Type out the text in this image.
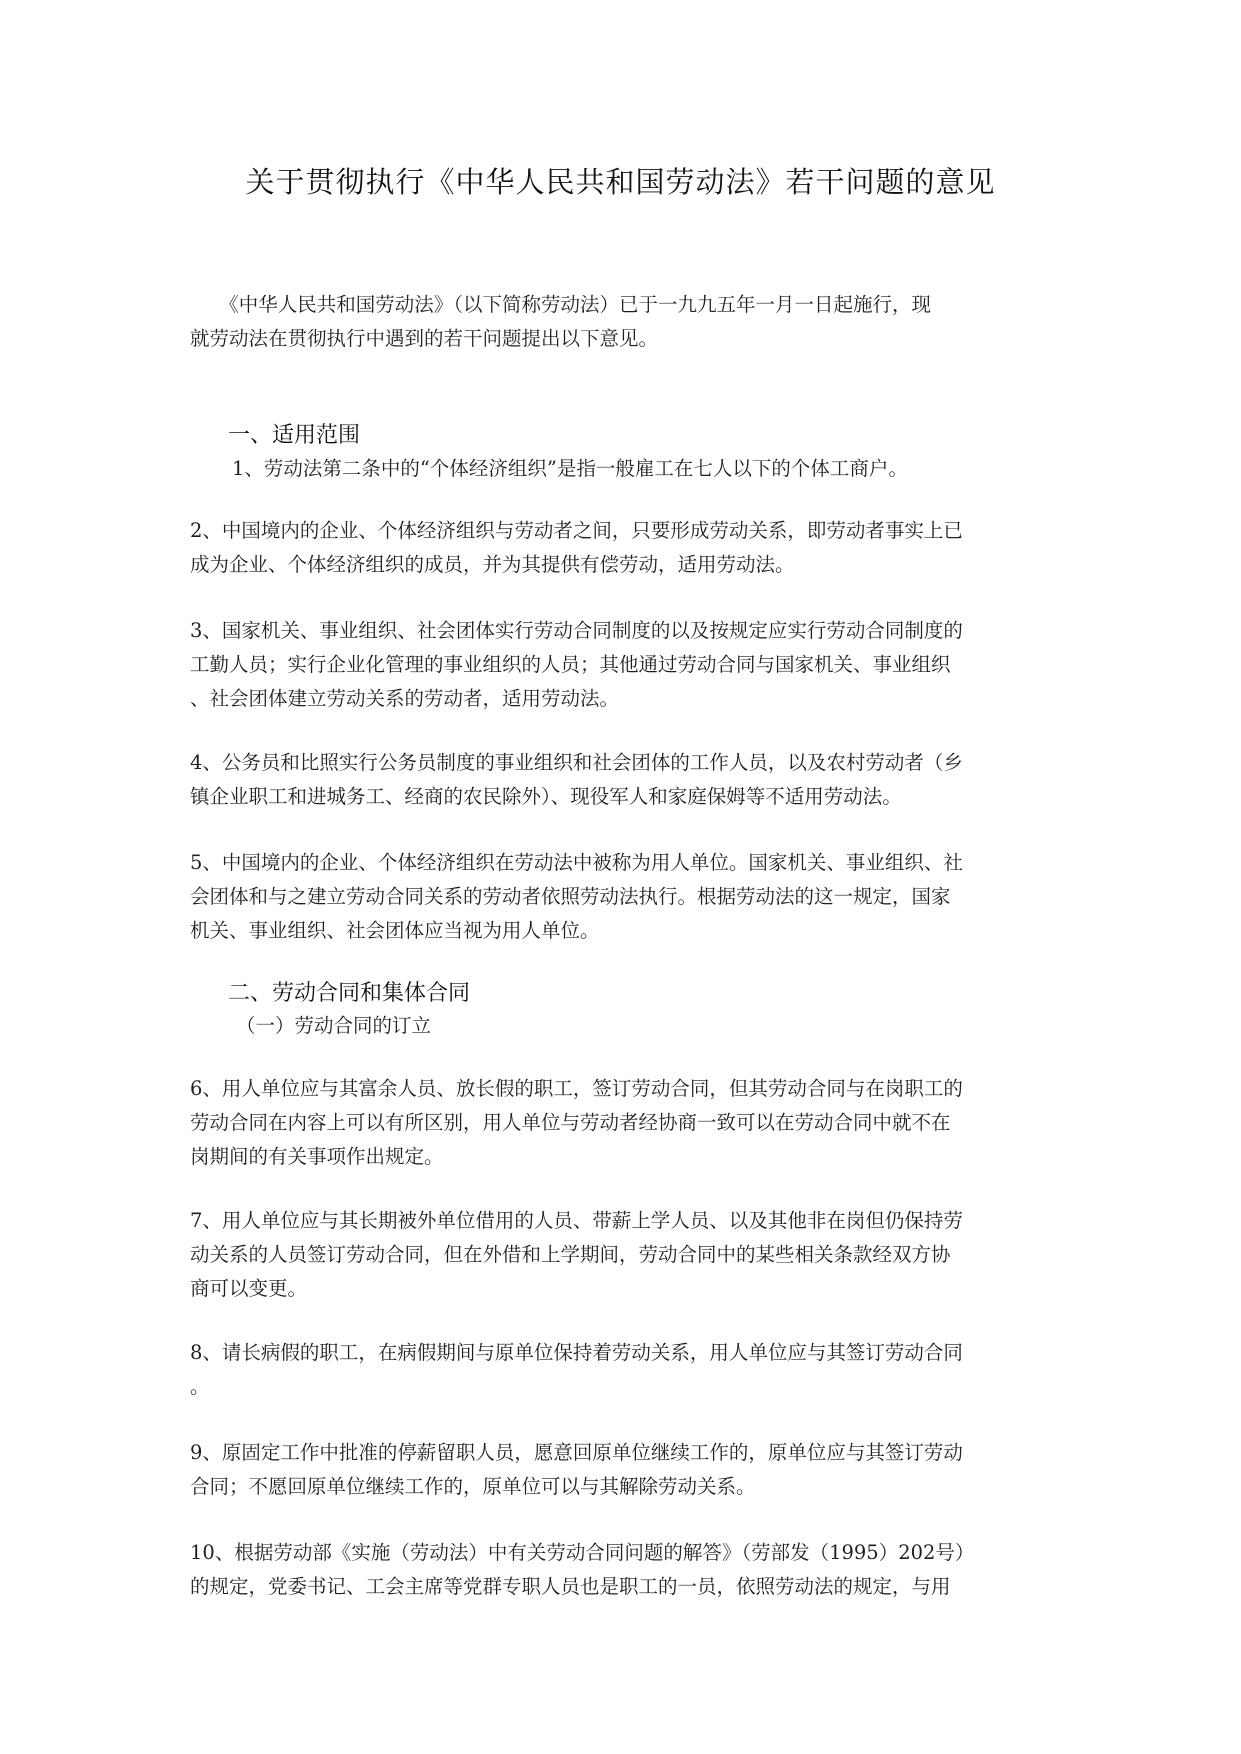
关于贯彻执行《中华人民共和国劳动法》若干问题的意见

　　《中华人民共和国劳动法》（以下简称劳动法）已于一九九五年一月一日起施行，现
就劳动法在贯彻执行中遇到的若干问题提出以下意见。

一、适用范围

1、劳动法第二条中的“个体经济组织”是指一般雇工在七人以下的个体工商户。

2、中国境内的企业、个体经济组织与劳动者之间，只要形成劳动关系，即劳动者事实上已
成为企业、个体经济组织的成员，并为其提供有偿劳动，适用劳动法。

3、国家机关、事业组织、社会团体实行劳动合同制度的以及按规定应实行劳动合同制度的
工勤人员；实行企业化管理的事业组织的人员；其他通过劳动合同与国家机关、事业组织
、社会团体建立劳动关系的劳动者，适用劳动法。

4、公务员和比照实行公务员制度的事业组织和社会团体的工作人员，以及农村劳动者（乡
镇企业职工和进城务工、经商的农民除外）、现役军人和家庭保姆等不适用劳动法。

5、中国境内的企业、个体经济组织在劳动法中被称为用人单位。国家机关、事业组织、社
会团体和与之建立劳动合同关系的劳动者依照劳动法执行。根据劳动法的这一规定，国家
机关、事业组织、社会团体应当视为用人单位。

二、劳动合同和集体合同

（一）劳动合同的订立

6、用人单位应与其富余人员、放长假的职工，签订劳动合同，但其劳动合同与在岗职工的
劳动合同在内容上可以有所区别，用人单位与劳动者经协商一致可以在劳动合同中就不在
岗期间的有关事项作出规定。

7、用人单位应与其长期被外单位借用的人员、带薪上学人员、以及其他非在岗但仍保持劳
动关系的人员签订劳动合同，但在外借和上学期间，劳动合同中的某些相关条款经双方协
商可以变更。

8、请长病假的职工，在病假期间与原单位保持着劳动关系，用人单位应与其签订劳动合同
。

9、原固定工作中批准的停薪留职人员，愿意回原单位继续工作的，原单位应与其签订劳动
合同；不愿回原单位继续工作的，原单位可以与其解除劳动关系。

10、根据劳动部《实施（劳动法）中有关劳动合同问题的解答》（劳部发（1995）202号）
的规定，党委书记、工会主席等党群专职人员也是职工的一员，依照劳动法的规定，与用
